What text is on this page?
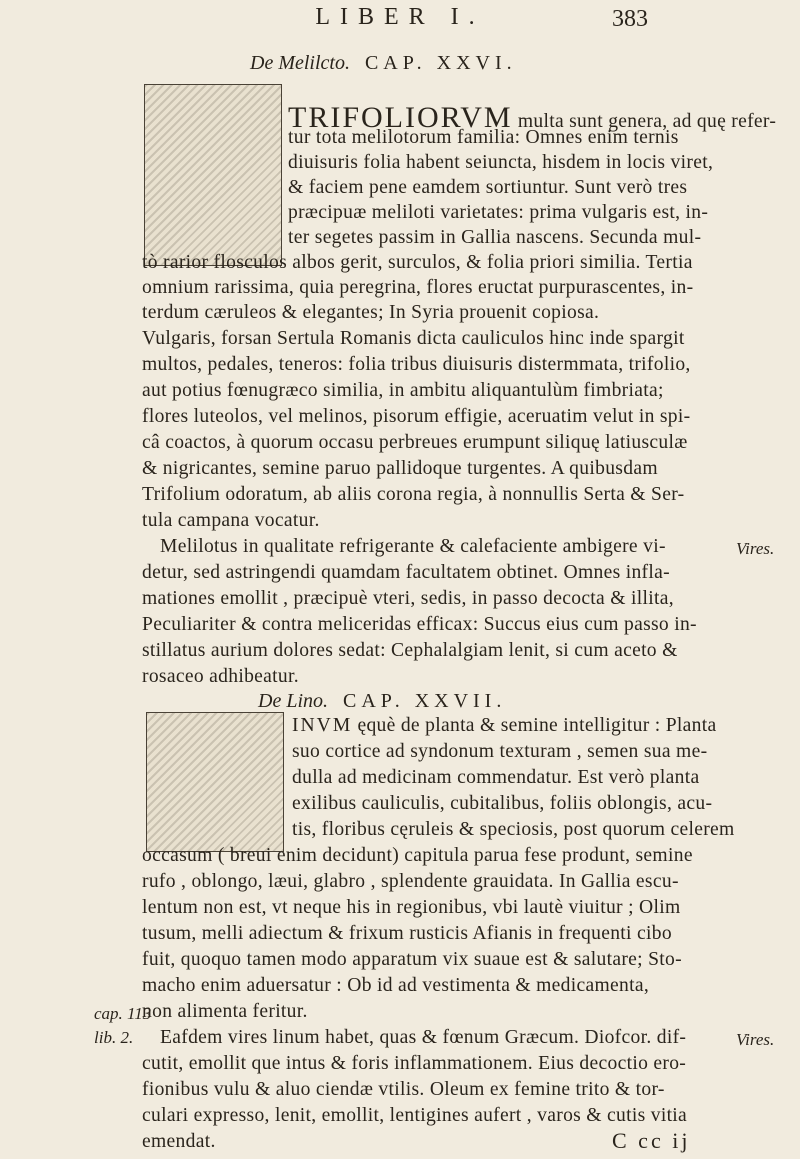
LIBER I.	383
De Melilcto. CAP. XXVI.
TRIFOLIORVM multa sunt genera, ad quę refer-
tur tota melilotorum familia: Omnes enim ternis
diuisuris folia habent seiuncta, hisdem in locis viret,
& faciem pene eamdem sortiuntur. Sunt verò tres
præcipuæ meliloti varietates: prima vulgaris est, in-
ter segetes passim in Gallia nascens. Secunda mul-
tò rarior flosculos albos gerit, surculos, & folia priori similia. Tertia
omnium rarissima, quia peregrina, flores eructat purpurascentes, in-
terdum cæruleos & elegantes; In Syria prouenit copiosa.
Vulgaris, forsan Sertula Romanis dicta cauliculos hinc inde spargit
multos, pedales, teneros: folia tribus diuisuris distermmata, trifolio,
aut potius fœnugræco similia, in ambitu aliquantulùm fimbriata;
flores luteolos, vel melinos, pisorum effigie, aceruatim velut in spi-
câ coactos, à quorum occasu perbreues erumpunt siliquę latiusculæ
& nigricantes, semine paruo pallidoque turgentes. A quibusdam
Trifolium odoratum, ab aliis corona regia, à nonnullis Serta & Ser-
tula campana vocatur.
Melilotus in qualitate refrigerante & calefaciente ambigere vi-
detur, sed astringendi quamdam facultatem obtinet. Omnes infla-
mationes emollit , præcipuè vteri, sedis, in passo decocta & illita,
Peculiariter & contra meliceridas efficax: Succus eius cum passo in-
stillatus aurium dolores sedat: Cephalalgiam lenit, si cum aceto &
rosaceo adhibeatur.
Vires.
De Lino. CAP. XXVII.
INVM ęquè de planta & semine intelligitur : Planta
suo cortice ad syndonum texturam , semen sua me-
dulla ad medicinam commendatur. Est verò planta
exilibus cauliculis, cubitalibus, foliis oblongis, acu-
tis, floribus cęruleis & speciosis, post quorum celerem
occasum ( breui enim decidunt) capitula parua fese produnt, semine
rufo , oblongo, læui, glabro , splendente grauidata. In Gallia escu-
lentum non est, vt neque his in regionibus, vbi lautè viuitur ; Olim
tusum, melli adiectum & frixum rusticis Afianis in frequenti cibo
fuit, quoquo tamen modo apparatum vix suaue est & salutare; Sto-
macho enim aduersatur : Ob id ad vestimenta & medicamenta,
non alimenta feritur.
Eafdem vires linum habet, quas & fœnum Græcum. Diofcor. dif-
cutit, emollit que intus & foris inflammationem. Eius decoctio ero-
fionibus vulu & aluo ciendæ vtilis. Oleum ex femine trito & tor-
culari expresso, lenit, emollit, lentigines aufert , varos & cutis vitia
emendat.
cap. 113
lib. 2.	Vires.
C cc ij
